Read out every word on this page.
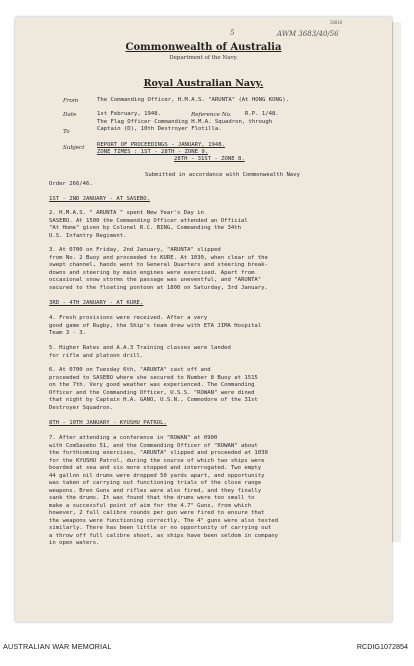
5	AWM 3683/40/56
20018
Commonwealth of Australia
Department of the Navy.
Royal Australian Navy.
From	The Commanding Officer, H.M.A.S. "ARUNTA" (At HONG KONG).
Date	1st February, 1948.	Reference No. R.P. 1/48.
The Flag Officer Commanding H.M.A. Squadron, through
To	Captain (D), 10th Destroyer Flotilla.
Subject REPORT OF PROCEEDINGS - JANUARY, 1948.
ZONE TIMES : 1ST - 28TH - ZONE 9.
28TH - 31ST - ZONE 8.
Submitted in accordance with Commonwealth Navy
Order 266/46.
1ST - 2ND JANUARY - AT SASEBO.
2. H.M.A.S. " ARUNTA " spent New Year's Day in
SASEBO. At 1500 the Commanding Officer attended an Official
"At Home" given by Colonel R.C. BING, Commanding the 34th
U.S. Infantry Regiment.
3. At 0700 on Friday, 2nd January, "ARUNTA" slipped
from No. 2 Buoy and proceeded to KURE. At 1030, when clear of the
swept channel, hands went to General Quarters and steering break-
downs and steering by main engines were exercised. Apart from
occasional snow storms the passage was uneventful, and "ARUNTA"
secured to the floating pontoon at 1800 on Saturday, 3rd January.
3RD - 4TH JANUARY - AT KURE.
4. Fresh provisions were received. After a very
good game of Rugby, the Ship's team drew with ETA JIMA Hospital
Team 3 - 3.
5. Higher Rates and A.A.3 Training classes were landed
for rifle and platoon drill.
6. At 0700 on Tuesday 6th, "ARUNTA" cast off and
proceeded to SASEBO where she secured to Number 8 Buoy at 1515
on the 7th. Very good weather was experienced. The Commanding
Officer and the Commanding Officer, U.S.S. "ROWAN" were dined
that night by Captain H.A. GANO, U.S.N., Commodore of the 31st
Destroyer Squadron.
8TH - 10TH JANUARY - KYUSHU PATROL.
7. After attending a conference in "ROWAN" at 0900
with ComSasebo 51, and the Commanding Officer of "ROWAN" about
the forthcoming exercises, "ARUNTA" slipped and proceeded at 1030
for the KYUSHU Patrol, during the course of which two ships were
boarded at sea and six more stopped and interrogated. Two empty
44 gallon oil drums were dropped 50 yards apart, and opportunity
was taken of carrying out functioning trials of the close range
weapons. Bren Guns and rifles were also fired, and they finally
sank the drums. It was found that the drums were too small to
make a successful point of aim for the 4.7" Guns, from which
however, 2 full calibre rounds per gun were fired to ensure that
the weapons were functioning correctly. The 4" guns were also tested
similarly. There has been little or no opportunity of carrying out
a throw off full calibre shoot, as ships have been seldom in company
in open waters.
AUSTRALIAN WAR MEMORIAL	RCDIG1072854
